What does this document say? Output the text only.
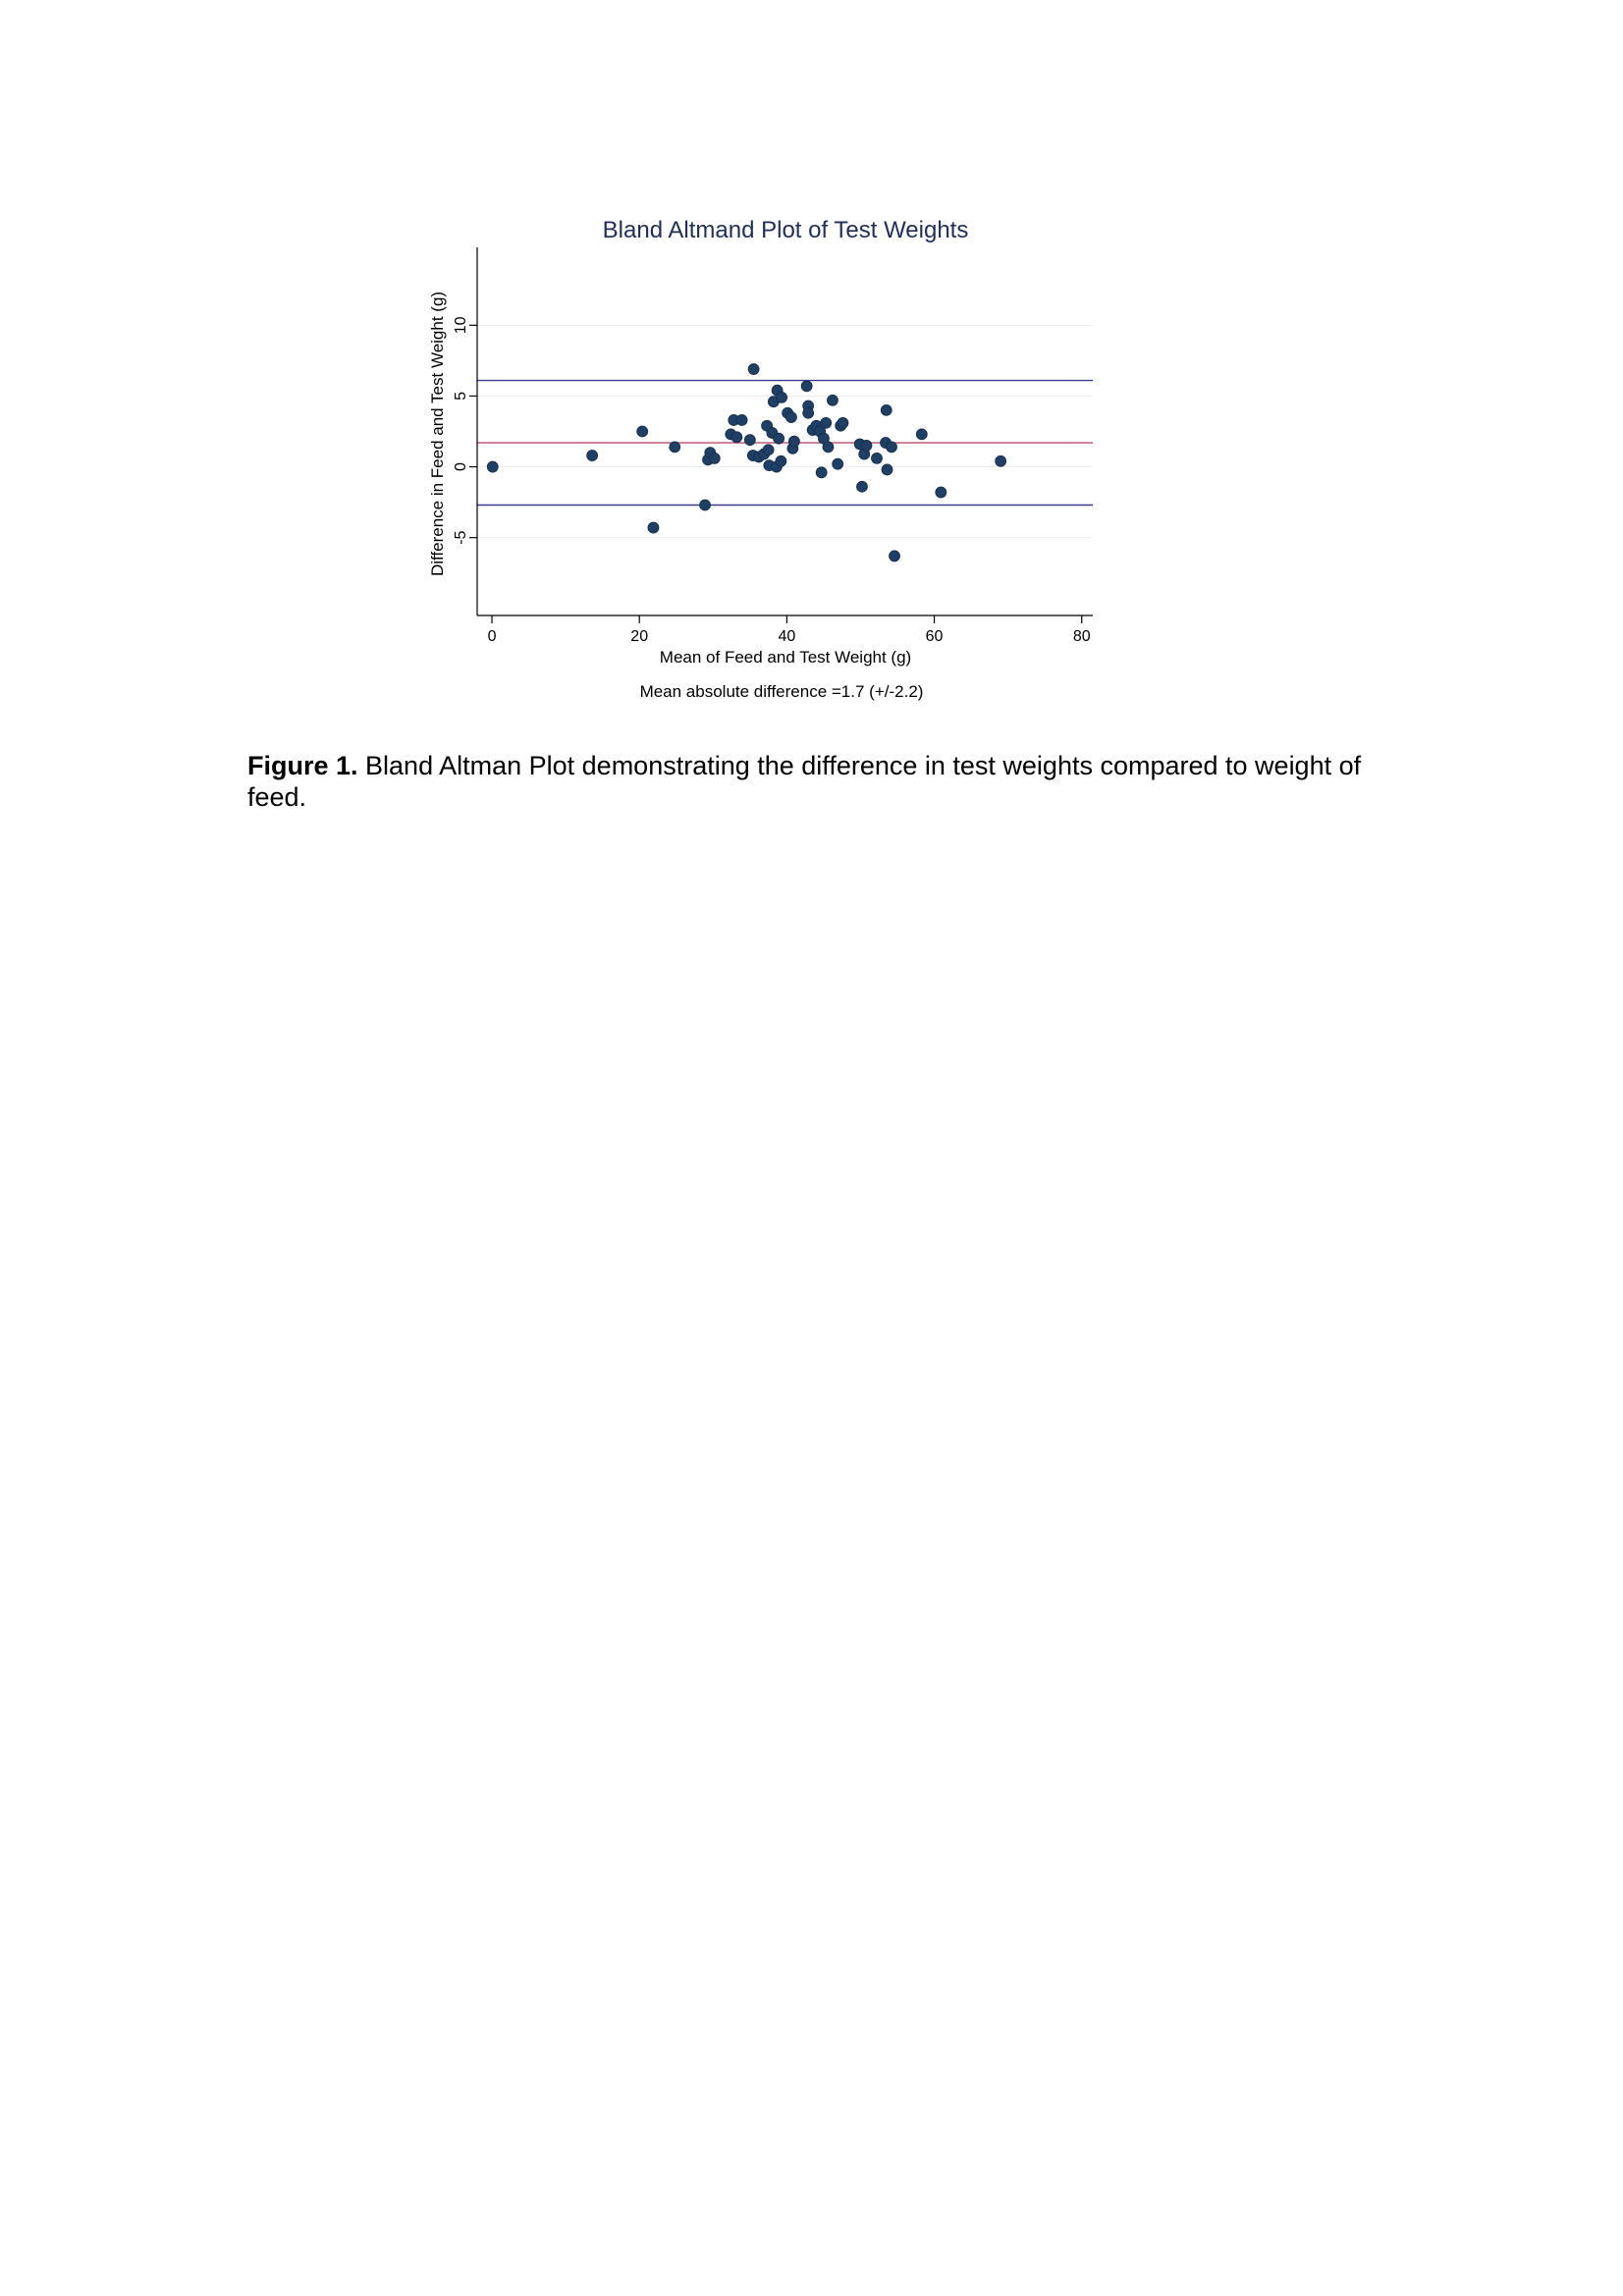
Bland Altmand Plot of Test Weights
0	20	40	60	80
-5
0
5
10
Mean of Feed and Test Weight (g)
Difference in Feed and Test Weight (g)
Mean absolute difference =1.7 (+/-2.2)
Figure 1. Bland Altman Plot demonstrating the difference in test weights compared to weight of feed.
